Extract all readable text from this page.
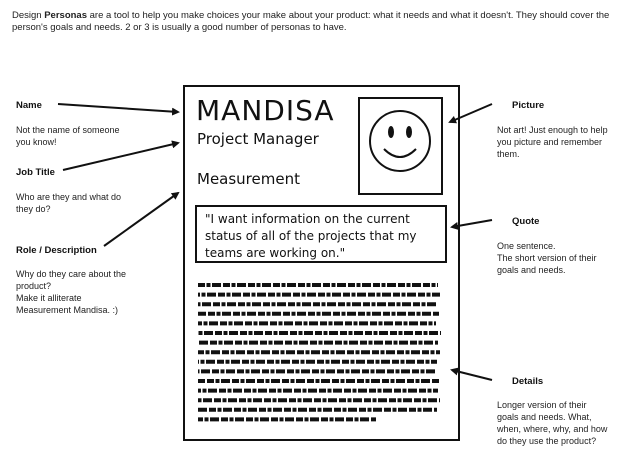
Design Personas are a tool to help you make choices your make about your product: what it needs and what it doesn't. They should cover the person's goals and needs. 2 or 3 is usually a good number of personas to have.
Name
Not the name of someone
you know!
Job Title
Who are they and what do
they do?
Role / Description
Why do they care about the
product?
Make it alliterate
Measurement Mandisa. :)
Picture
Not art! Just enough to help
you picture and remember
them.
Quote
One sentence.
The short version of their
goals and needs.
Details
Longer version of their
goals and needs. What,
when, where, why, and how
do they use the product?
MANDISA
Project Manager
Measurement
"I want information on the current status of all of the projects that my teams are working on."
